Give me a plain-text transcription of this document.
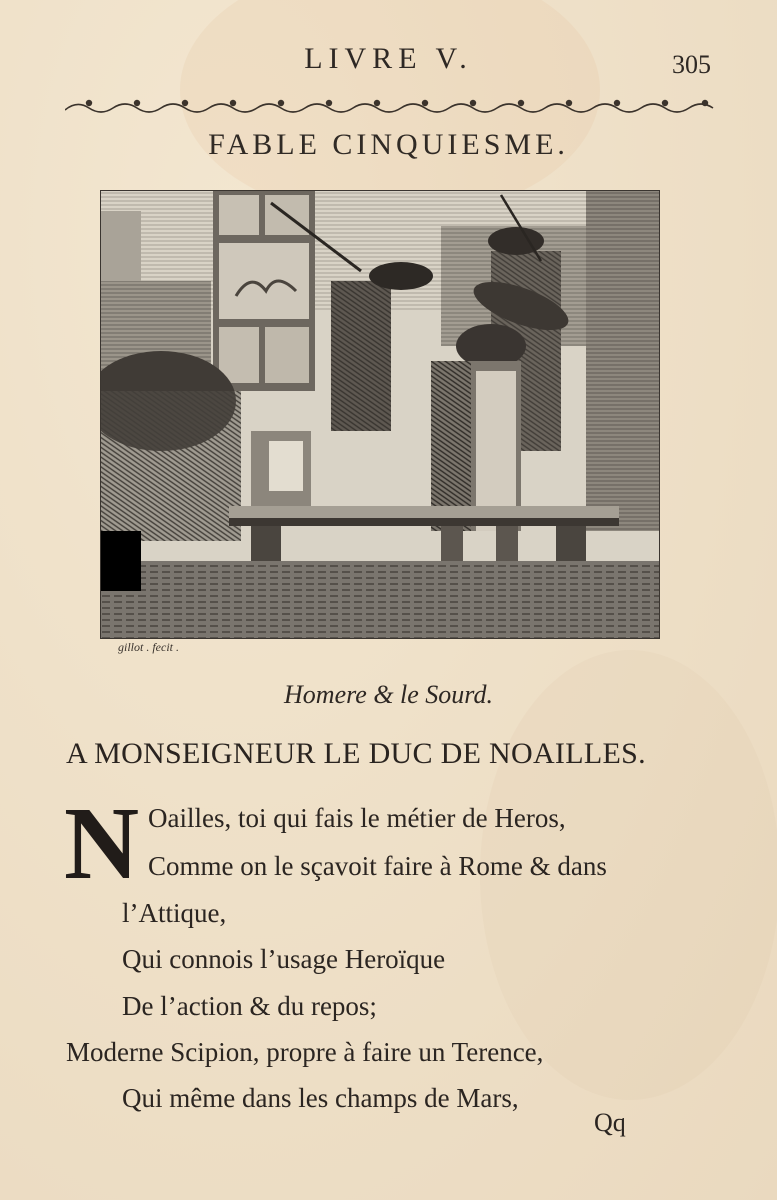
LIVRE V.	305
FABLE CINQUIESME.
gillot . fecit .
Homere & le Sourd.
A MONSEIGNEUR LE DUC DE NOAILLES.
N Oailles, toi qui fais le métier de Heros,
Comme on le sçavoit faire à Rome & dans
l’Attique,
Qui connois l’usage Heroïque
De l’action & du repos;
Moderne Scipion, propre à faire un Terence,
Qui même dans les champs de Mars,
Qq
